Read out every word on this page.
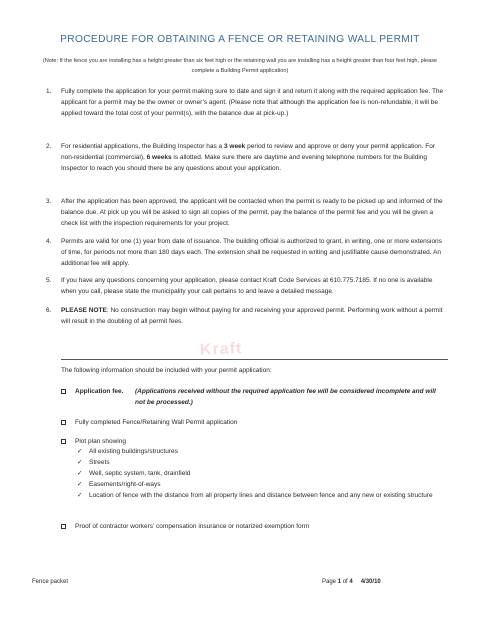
PROCEDURE FOR OBTAINING A FENCE OR RETAINING WALL PERMIT
(Note: If the fence you are installing has a height greater than six feet high or the retaining wall you are installing has a height greater than four feet high, please complete a Building Permit application)
1. Fully complete the application for your permit making sure to date and sign it and return it along with the required application fee. The applicant for a permit may be the owner or owner’s agent. (Please note that although the application fee is non-refundable, it will be applied toward the total cost of your permit(s), with the balance due at pick-up.)
2. For residential applications, the Building Inspector has a 3 week period to review and approve or deny your permit application. For non-residential (commercial), 6 weeks is allotted. Make sure there are daytime and evening telephone numbers for the Building Inspector to reach you should there be any questions about your application.
3. After the application has been approved, the applicant will be contacted when the permit is ready to be picked up and informed of the balance due. At pick up you will be asked to sign all copies of the permit, pay the balance of the permit fee and you will be given a check list with the inspection requirements for your project.
4. Permits are valid for one (1) year from date of issuance. The building official is authorized to grant, in writing, one or more extensions of time, for periods not more than 180 days each. The extension shall be requested in writing and justifiable cause demonstrated. An additional fee will apply.
5. If you have any questions concerning your application, please contact Kraft Code Services at 610.775.7185. If no one is available when you call, please state the municipality your call pertains to and leave a detailed message.
6. PLEASE NOTE: No construction may begin without paying for and receiving your approved permit. Performing work without a permit will result in the doubling of all permit fees.
Kraft
The following information should be included with your permit application:
Application fee. (Applications received without the required application fee will be considered incomplete and will not be processed.)
Fully completed Fence/Retaining Wall Permit application
Plot plan showing
✓ All existing buildings/structures
✓ Streets
✓ Well, septic system, tank, drainfield
✓ Easements/right-of-ways
✓ Location of fence with the distance from all property lines and distance between fence and any new or existing structure
Proof of contractor workers’ compensation insurance or notarized exemption form
Fence packet	Page 1 of 4 4/30/10
